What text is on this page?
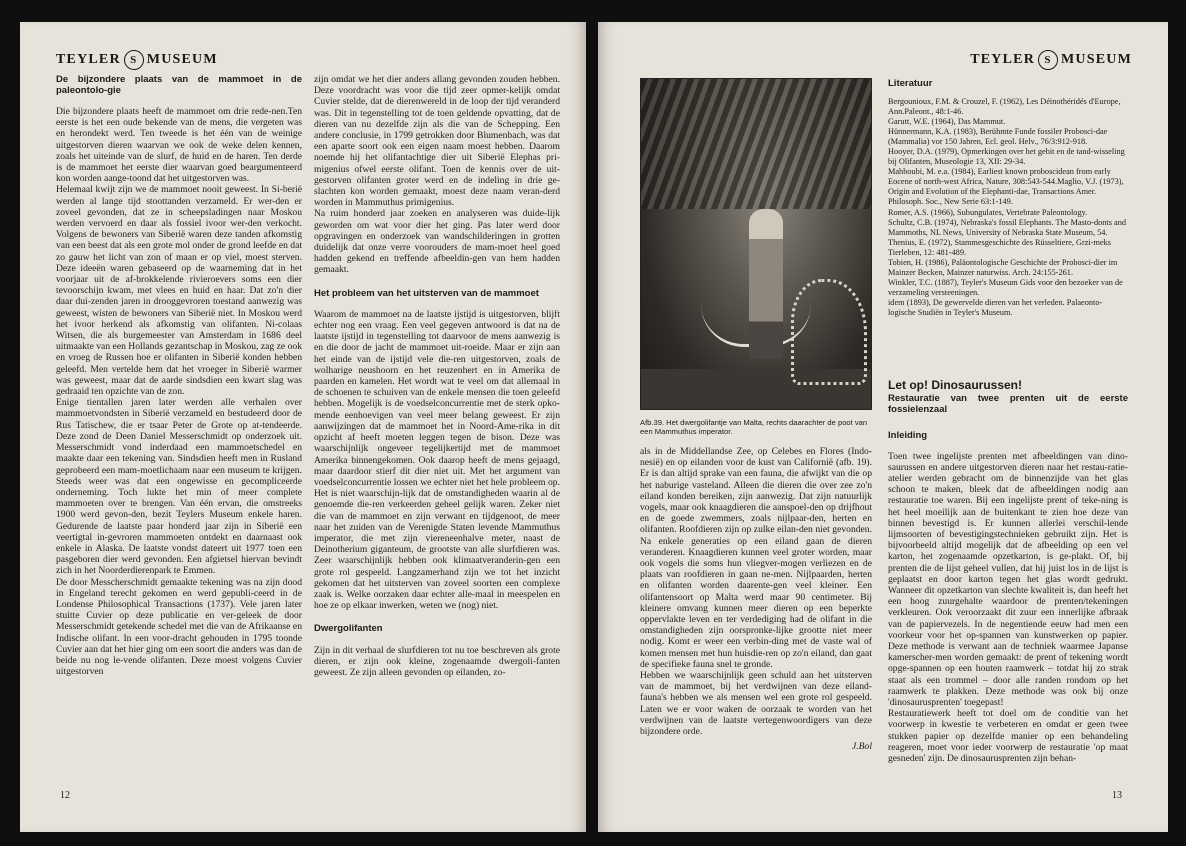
TEYLER S MUSEUM
De bijzondere plaats van de mammoet in de paleontolo-gie

Die bijzondere plaats heeft de mammoet om drie rede-nen.Ten eerste is het een oude bekende van de mens, die vergeten was en herondekt werd. Ten tweede is het één van de weinige uitgestorven dieren waarvan we ook de weke delen kennen, zoals het uiteinde van de slurf, de huid en de haren. Ten derde is de mammoet het eerste dier waarvan goed beargumenteerd kon worden aange-toond dat het uitgestorven was.

Helemaal kwijt zijn we de mammoet nooit geweest. In Si-berië werden al lange tijd stoottanden verzameld. Er wer-den er zoveel gevonden, dat ze in scheepsladingen naar Moskou werden vervoerd en daar als fossiel ivoor wer-den verkocht. Volgens de bewoners van Siberië waren deze tanden afkomstig van een beest dat als een grote mol onder de grond leefde en dat zo gauw het licht van zon of maan er op viel, moest sterven. Deze ideeën waren gebaseerd op de waarneming dat in het voorjaar uit de af-brokkelende rivieroevers soms een dier tevoorschijn kwam, met vlees en huid en haar. Dat zo'n dier daar dui-zenden jaren in drooggevroren toestand aanwezig was geweest, wisten de bewoners van Siberië niet. In Moskou werd het ivoor herkend als afkomstig van olifanten. Ni-colaas Witsen, die als burgemeester van Amsterdam in 1686 deel uitmaakte van een Hollands gezantschap in Moskou, zag ze ook en vroeg de Russen hoe er olifanten in Siberië konden hebben geleefd. Men vertelde hem dat het vroeger in Siberië warmer was geweest, maar dat de aarde sindsdien een kwart slag was gedraaid ten opzichte van de zon.

Enige tientallen jaren later werden alle verhalen over mammoetvondsten in Siberië verzameld en bestudeerd door de Rus Tatischew, die er tsaar Peter de Grote op at-tendeerde. Deze zond de Deen Daniel Messerschmidt op onderzoek uit. Messerschmidt vond inderdaad een mammoetschedel en maakte daar een tekening van. Sindsdien heeft men in Rusland geprobeerd een mam-moetlichaam naar een museum te krijgen. Steeds weer was dat een ongewisse en gecompliceerde onderneming. Toch lukte het min of meer complete mammoeten over te brengen. Van één ervan, die omstreeks 1900 werd gevon-den, bezit Teylers Museum enkele haren. Gedurende de laatste paar honderd jaar zijn in Siberië een veertigtal in-gevroren mammoeten ontdekt en daarnaast ook enkele in Alaska. De laatste vondst dateert uit 1977 toen een pasgeboren dier werd gevonden. Een afgietsel hiervan bevindt zich in het Noorderdierenpark te Emmen.

De door Messcherschmidt gemaakte tekening was na zijn dood in Engeland terecht gekomen en werd gepubli-ceerd in de Londense Philosophical Transactions (1737). Vele jaren later stuitte Cuvier op deze publicatie en ver-geleek de door Messerschmidt getekende schedel met die van de Afrikaanse en Indische olifant. In een voor-dracht gehouden in 1795 toonde Cuvier aan dat het hier ging om een soort die anders was dan de beide nu nog le-vende olifanten. Deze moest volgens Cuvier uitgestorven

zijn omdat we het dier anders allang gevonden zouden hebben. Deze voordracht was voor die tijd zeer opmer-kelijk omdat Cuvier stelde, dat de dierenwereld in de loop der tijd veranderd was. Dit in tegenstelling tot de toen geldende opvatting, dat de dieren van nu dezelfde zijn als die van de Schepping. Een andere conclusie, in 1799 getrokken door Blumenbach, was dat een aparte soort ook een eigen naam moest hebben. Daarom noemde hij het olifantachtige dier uit Siberië Elephas pri-migenius ofwel eerste olifant. Toen de kennis over de uit-gestorven olifanten groter werd en de indeling in drie ge-slachten kon worden gemaakt, moest deze naam veran-derd worden in Mammuthus primigenius.

Na ruim honderd jaar zoeken en analyseren was duide-lijk geworden om wat voor dier het ging. Pas later werd door opgravingen en onderzoek van wandschilderingen in grotten duidelijk dat onze verre voorouders de mam-moet heel goed hadden gekend en treffende afbeeldin-gen van hem hadden gemaakt.

Het probleem van het uitsterven van de mammoet

Waarom de mammoet na de laatste ijstijd is uitgestorven, blijft echter nog een vraag. Een veel gegeven antwoord is dat na de laatste ijstijd in tegenstelling tot daarvoor de mens aanwezig is en die door de jacht de mammoet uit-roeide. Maar er zijn aan het einde van de ijstijd vele die-ren uitgestorven, zoals de wolharige neushoorn en het reuzenhert en in Amerika de paarden en kamelen. Het wordt wat te veel om dat allemaal in de schoenen te schuiven van de enkele mensen die toen geleefd hebben. Mogelijk is de voedselconcurrentie met de sterk opko-mende eenhoevigen van veel meer belang geweest. Er zijn aanwijzingen dat de mammoet het in Noord-Ame-rika in dit opzicht af heeft moeten leggen tegen de bison. Deze was waarschijnlijk ongeveer tegelijkertijd met de mammoet Amerika binnengekomen. Ook daarop heeft de mens gejaagd, maar daardoor stierf dit dier niet uit. Met het argument van voedselconcurrentie lossen we echter niet het hele probleem op. Het is niet waarschijn-lijk dat de omstandigheden waarin al de genoemde die-ren verkeerden geheel gelijk waren. Zeker niet die van de mammoet en zijn verwant en tijdgenoot, de meer naar het zuiden van de Verenigde Staten levende Mammuthus imperator, die met zijn viereneenhalve meter, naast de Deinotherium giganteum, de grootste van alle slurfdieren was. Zeer waarschijnlijk hebben ook klimaatveranderin-gen een grote rol gespeeld. Langzamerhand zijn we tot het inzicht gekomen dat het uitsterven van zoveel soorten een complexe zaak is. Welke oorzaken daar echter alle-maal in meespelen en hoe ze op elkaar inwerken, weten we (nog) niet.

Dwergolifanten

Zijn in dit verhaal de slurfdieren tot nu toe beschreven als grote dieren, er zijn ook kleine, zogenaamde dwergoli-fanten geweest. Ze zijn alleen gevonden op eilanden, zo-

12
TEYLER S MUSEUM
Afb.39. Het dwergolifantje van Malta, rechts daarachter de poot van een Mammuthus imperator.

als in de Middellandse Zee, op Celebes en Flores (Indo-nesië) en op eilanden voor de kust van Californië (afb. 19). Er is dan altijd sprake van een fauna, die afwijkt van die op het naburige vasteland. Alleen die dieren die over zee zo'n eiland konden bereiken, zijn aanwezig. Dat zijn natuurlijk vogels, maar ook knaagdieren die aanspoel-den op drijfhout en de goede zwemmers, zoals nijlpaar-den, herten en olifanten. Roofdieren zijn op zulke eilan-den niet gevonden. Na enkele generaties op een eiland gaan de dieren veranderen. Knaagdieren kunnen veel groter worden, maar ook vogels die soms hun vliegver-mogen verliezen en de plaats van roofdieren in gaan ne-men. Nijlpaarden, herten en olifanten worden daarente-gen veel kleiner. Een olifantensoort op Malta werd maar 90 centimeter. Bij kleinere omvang kunnen meer dieren op een beperkte oppervlakte leven en ter verdediging had de olifant in die omstandigheden zijn oorspronke-lijke grootte niet meer nodig. Komt er weer een verbin-ding met de vaste wal of komen mensen met hun huisdie-ren op zo'n eiland, dan gaat de specifieke fauna snel te gronde.

Hebben we waarschijnlijk geen schuld aan het uitsterven van de mammoet, bij het verdwijnen van deze eiland-fauna's hebben we als mensen wel een grote rol gespeeld. Laten we er voor waken de oorzaak te worden van het verdwijnen van de laatste vertegenwoordigers van deze bijzondere orde.

J.Bol
Literatuur

Bergounioux, F.M. & Crouzel, F. (1962), Les Déinothéridés d'Europe, Ann.Paleont., 48:1-46.

Garutt, W.E. (1964), Das Mammut.

Hünnermann, K.A. (1983), Berühmte Funde fossiler Probosci-dae (Mammalia) vor 150 Jahren, Ecl. geol. Helv., 76/3:912-918.

Hooyer, D.A. (1979), Opmerkingen over het gebit en de tand-wisseling bij Olifanten, Museologie 13, XII: 29-34.

Mahboubi, M. e.a. (1984), Earliest known proboscidean from early Eocene of north-west Africa, Nature, 308:543-544.Maglio, V.J. (1973), Origin and Evolution of the Elephanti-dae, Transactions Amer. Philosoph. Soc., New Serie 63:1-149.

Romer, A.S. (1966), Subungulates, Vertebrate Paleontology.

Schultz, C.B. (1974), Nebraska's fossil Elephants. The Masto-donts and Mammoths, NL News, University of Nebraska State Museum, 54.

Thenius, E. (1972), Stammesgeschichte des Rüsseltiere, Grzi-meks Tierleben, 12: 481-489.

Tobien, H. (1986), Paläontologische Geschichte der Probosci-dier im Mainzer Becken, Mainzer naturwiss. Arch. 24:155-261.

Winkler, T.C. (1887), Teyler's Museum Gids voor den bezoeker van de verzameling versteeningen.

idem (1893), De gewervelde dieren van het verleden. Palaeonto-logische Studiën in Teyler's Museum.

Let op! Dinosaurussen!
Restauratie van twee prenten uit de eerste fossielenzaal
Inleiding

Toen twee ingelijste prenten met afbeeldingen van dino-saurussen en andere uitgestorven dieren naar het restau-ratie-atelier werden gebracht om de binnenzijde van het glas schoon te maken, bleek dat de afbeeldingen nodig aan restauratie toe waren. Bij een ingelijste prent of teke-ning is het heel moeilijk aan de buitenkant te zien hoe deze van binnen bevestigd is. Er kunnen allerlei verschil-lende lijmsoorten of bevestigingstechnieken gebruikt zijn. Het is bijvoorbeeld altijd mogelijk dat de afbeelding op een vel karton, het zogenaamde opzetkarton, is ge-plakt. Of, bij prenten die de lijst geheel vullen, dat hij juist los in de lijst is geplaatst en door karton tegen het glas wordt gedrukt. Wanneer dit opzetkarton van slechte kwaliteit is, dan heeft het een hoog zuurgehalte waardoor de prenten/tekeningen verkleuren. Ook veroorzaakt dit zuur een innerlijke afbraak van de papiervezels. In de negentiende eeuw had men een voorkeur voor het op-spannen van kunstwerken op papier. Deze methode is verwant aan de techniek waarmee Japanse kamerscher-men worden gemaakt: de prent of tekening wordt opge-spannen op een houten raamwerk – totdat hij zo strak staat als een trommel – door alle randen rondom op het raamwerk te plakken. Deze methode was ook bij onze 'dinosaurusprenten' toegepast!

Restauratiewerk heeft tot doel om de conditie van het voorwerp in kwestie te verbeteren en omdat er geen twee stukken papier op dezelfde manier op een behandeling reageren, moet voor ieder voorwerp de restauratie 'op maat gesneden' zijn. De dinosaurusprenten zijn behan-

13
